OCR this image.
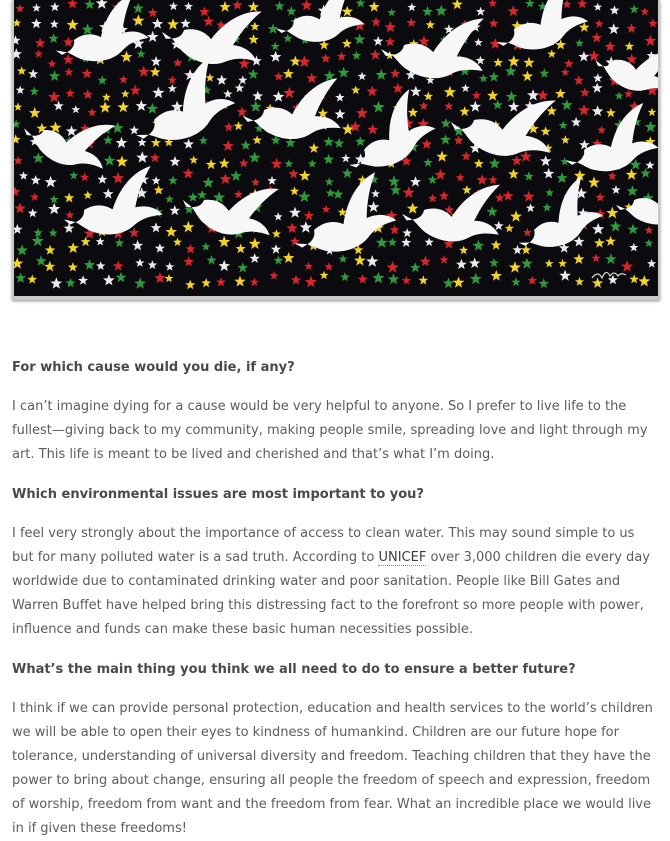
For which cause would you die, if any?

I can’t imagine dying for a cause would be very helpful to anyone. So I prefer to live life to the fullest—giving back to my community, making people smile, spreading love and light through my art. This life is meant to be lived and cherished and that’s what I’m doing.

Which environmental issues are most important to you?

I feel very strongly about the importance of access to clean water. This may sound simple to us but for many polluted water is a sad truth. According to UNICEF over 3,000 children die every day worldwide due to contaminated drinking water and poor sanitation. People like Bill Gates and Warren Buffet have helped bring this distressing fact to the forefront so more people with power, influence and funds can make these basic human necessities possible.

What’s the main thing you think we all need to do to ensure a better future?

I think if we can provide personal protection, education and health services to the world’s children we will be able to open their eyes to kindness of humankind. Children are our future hope for tolerance, understanding of universal diversity and freedom. Teaching children that they have the power to bring about change, ensuring all people the freedom of speech and expression, freedom of worship, freedom from want and the freedom from fear. What an incredible place we would live in if given these freedoms!
